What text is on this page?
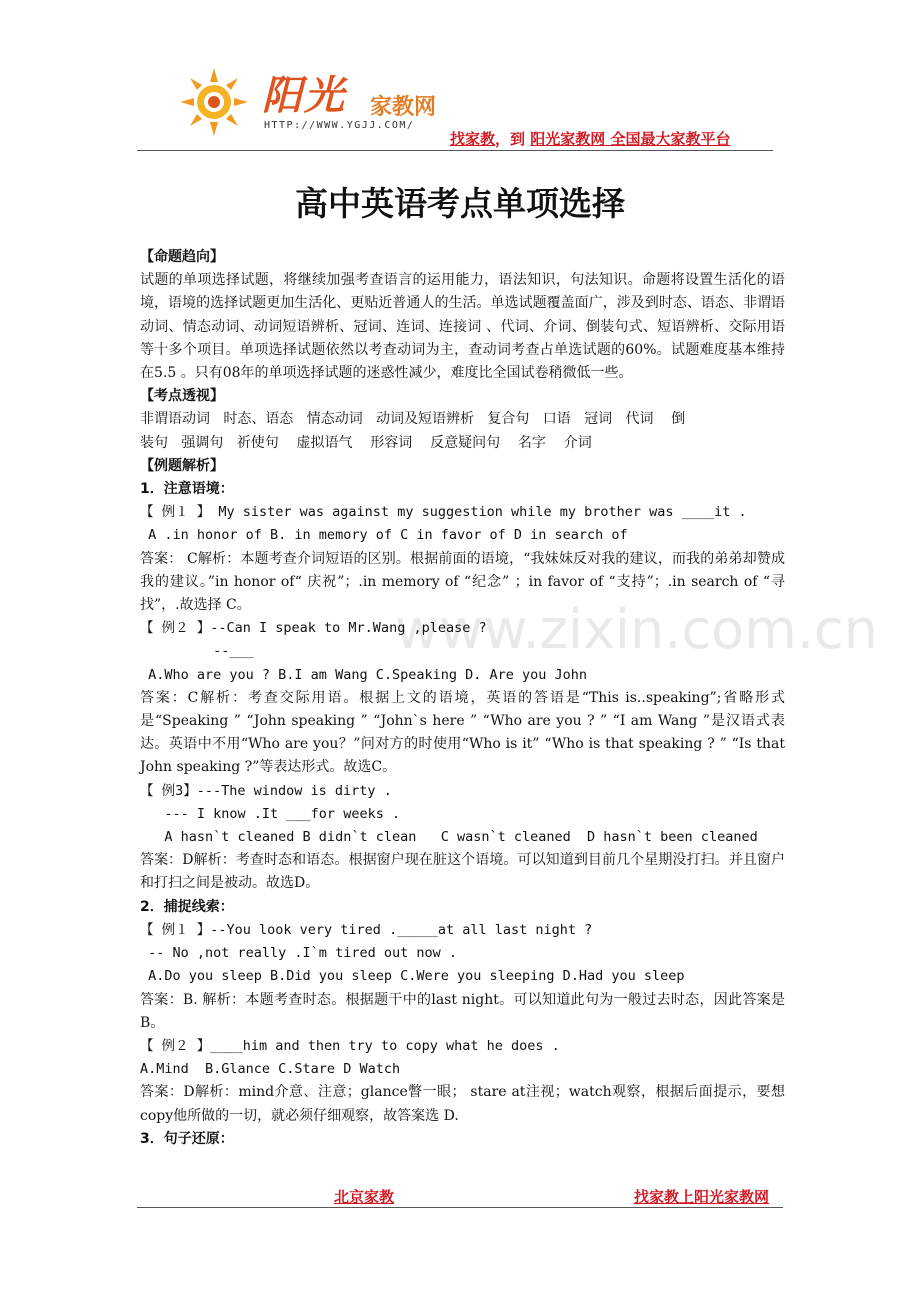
阳光 家教网
HTTP://WWW.YGJJ.COM/
找家教，到 阳光家教网 全国最大家教平台
高中英语考点单项选择
www.zixin.com.cn

【命题趋向】

试题的单项选择试题，将继续加强考查语言的运用能力，语法知识，句法知识。命题将设置生活化的语境，语境的选择试题更加生活化、更贴近普通人的生活。单选试题覆盖面广，涉及到时态、语态、非谓语动词、情态动词、动词短语辨析、冠词、连词、连接词 、代词、介词、倒装句式、短语辨析、交际用语等十多个项目。单项选择试题依然以考查动词为主，查动词考查占单选试题的60%。试题难度基本维持在5.5 。只有08年的单项选择试题的迷惑性减少，难度比全国试卷稍微低一些。

【考点透视】

非谓语动词   时态、语态   情态动词   动词及短语辨析   复合句   口语   冠词   代词    倒

装句   强调句   祈使句    虚拟语气    形容词    反意疑问句    名字    介词

【例题解析】

1．注意语境：

【 例１ 】 My sister was against my suggestion while my brother was ____it .

A .in honor of B. in memory of C in favor of D in search of

答案： C解析：本题考查介词短语的区别。根据前面的语境，“我妹妹反对我的建议，而我的弟弟却赞成我的建议。”in honor of“ 庆祝”；.in memory of “纪念” ；in favor of “支持”；.in search of “寻找”，.故选择 C。

【 例２ 】--Can I speak to Mr.Wang ,please ?

--___

A.Who are you ? B.I am Wang C.Speaking D. Are you John

答案：C解析：考查交际用语。根据上文的语境，英语的答语是“This is..speaking”;省略形式是“Speaking ” “John speaking ” “John`s here ” “Who are you ? ” “I am Wang ”是汉语式表达。英语中不用“Who are you？”问对方的时使用“Who is it” “Who is that speaking ? ” “Is that John speaking ?”等表达形式。故选C。

【 例3】---The window is dirty .

--- I know .It ___for weeks .

A hasn`t cleaned B didn`t clean   C wasn`t cleaned  D hasn`t been cleaned

答案：D解析：考查时态和语态。根据窗户现在脏这个语境。可以知道到目前几个星期没打扫。并且窗户和打扫之间是被动。故选D。

2．捕捉线索：

【 例１ 】--You look very tired ._____at all last night ?

-- No ,not really .I`m tired out now .

A.Do you sleep B.Did you sleep C.Were you sleeping D.Had you sleep

答案：B. 解析：本题考查时态。根据题干中的last night。可以知道此句为一般过去时态，因此答案是B。

【 例２ 】____him and then try to copy what he does .

A.Mind  B.Glance C.Stare D Watch

答案：D解析：mind介意、注意；glance瞥一眼； stare at注视；watch观察，根据后面提示，要想copy他所做的一切，就必须仔细观察，故答案选 D.

3．句子还原：

北京家教	找家教上阳光家教网
